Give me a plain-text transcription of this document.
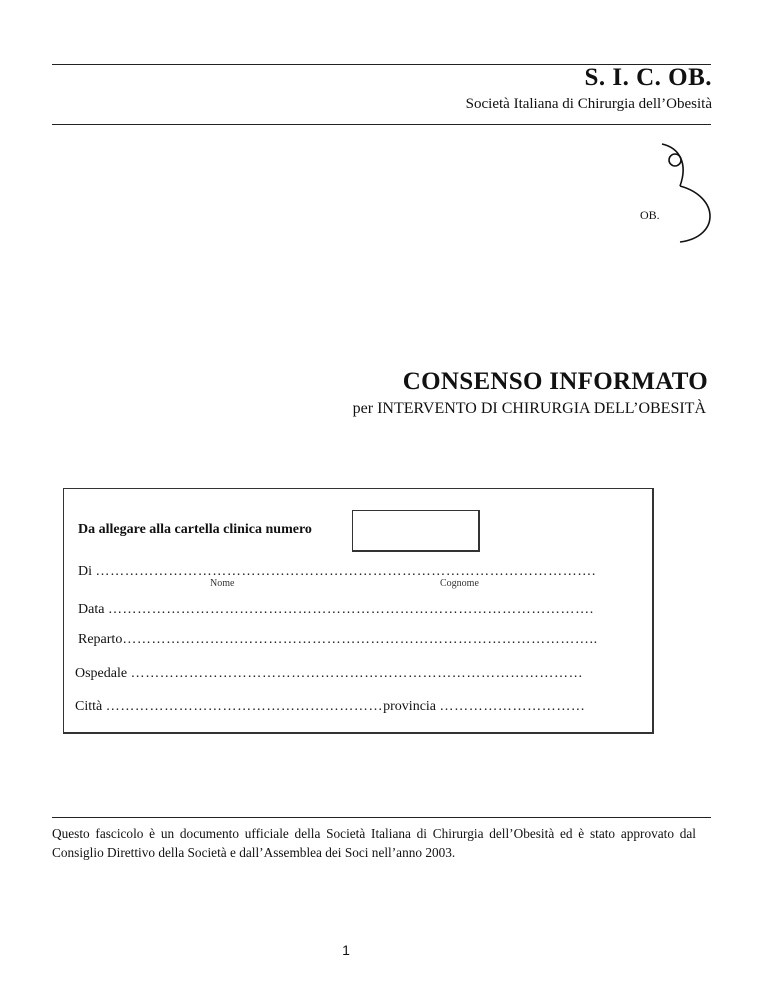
S. I. C. OB.
Società Italiana di Chirurgia dell’Obesità
OB.
CONSENSO INFORMATO
per INTERVENTO DI CHIRURGIA DELL’OBESITÀ
Da allegare alla cartella clinica numero
Di ………………………………………………………………………………………….
Nome	Cognome
Data ……………………………………………………………………………………….
Reparto……………………………………………………………………………………..
Ospedale …………………………………………………………………………………
Città …………………………………………………provincia …………………………
Questo fascicolo è un documento ufficiale della Società Italiana di Chirurgia dell’Obesità ed è stato approvato dal Consiglio Direttivo della Società e dall’Assemblea dei Soci nell’anno 2003.
1
